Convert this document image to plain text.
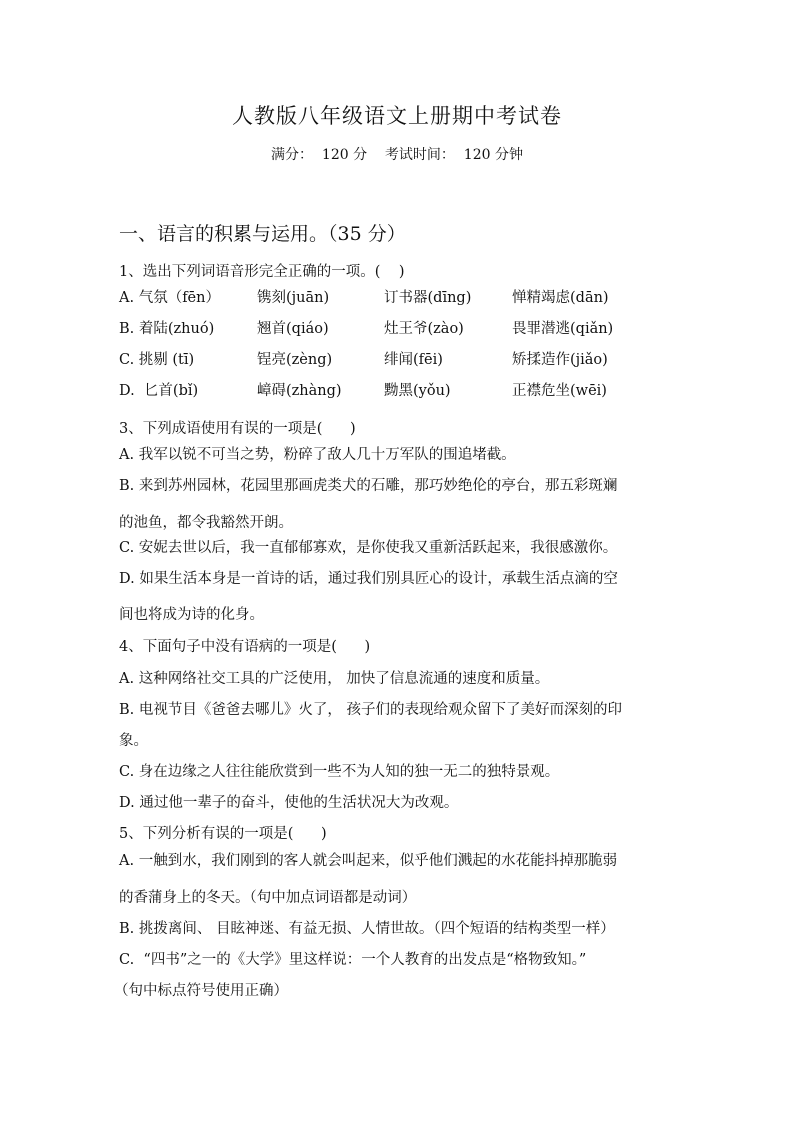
人教版八年级语文上册期中考试卷
满分：  120 分    考试时间：  120 分钟
一、语言的积累与运用。（35 分）
1、选出下列词语音形完全正确的一项。(    )
A. 气氛（fēn）	镌刻(juān)	订书器(dīng)	惮精竭虑(dān)
B. 着陆(zhuó)	翘首(qiáo)	灶王爷(zào)	畏罪潜逃(qiǎn)
C. 挑剔 (tī)	锃亮(zèng)	绯闻(fēi)	矫揉造作(jiǎo)
D.  匕首(bǐ)	嶂碍(zhàng)	黝黑(yǒu)	正襟危坐(wēi)
3、下列成语使用有误的一项是(      )
A. 我军以锐不可当之势，粉碎了敌人几十万军队的围追堵截。
B. 来到苏州园林，花园里那画虎类犬的石雕，那巧妙绝伦的亭台，那五彩斑斓
的池鱼，都令我豁然开朗。
C. 安妮去世以后，我一直郁郁寡欢，是你使我又重新活跃起来，我很感激你。
D. 如果生活本身是一首诗的话，通过我们别具匠心的设计，承载生活点滴的空
间也将成为诗的化身。
4、下面句子中没有语病的一项是(      )
A. 这种网络社交工具的广泛使用， 加快了信息流通的速度和质量。
B. 电视节目《爸爸去哪儿》火了， 孩子们的表现给观众留下了美好而深刻的印
象。
C. 身在边缘之人往往能欣赏到一些不为人知的独一无二的独特景观。
D. 通过他一辈子的奋斗，使他的生活状况大为改观。
5、下列分析有误的一项是(      )
A. 一触到水，我们刚到的客人就会叫起来，似乎他们溅起的水花能抖掉那脆弱
的香蒲身上的冬天。（句中加点词语都是动词）
B. 挑拨离间、 目眩神迷、有益无损、人情世故。（四个短语的结构类型一样）
C.  “四书”之一的《大学》里这样说：一个人教育的出发点是“格物致知。”
（句中标点符号使用正确）
